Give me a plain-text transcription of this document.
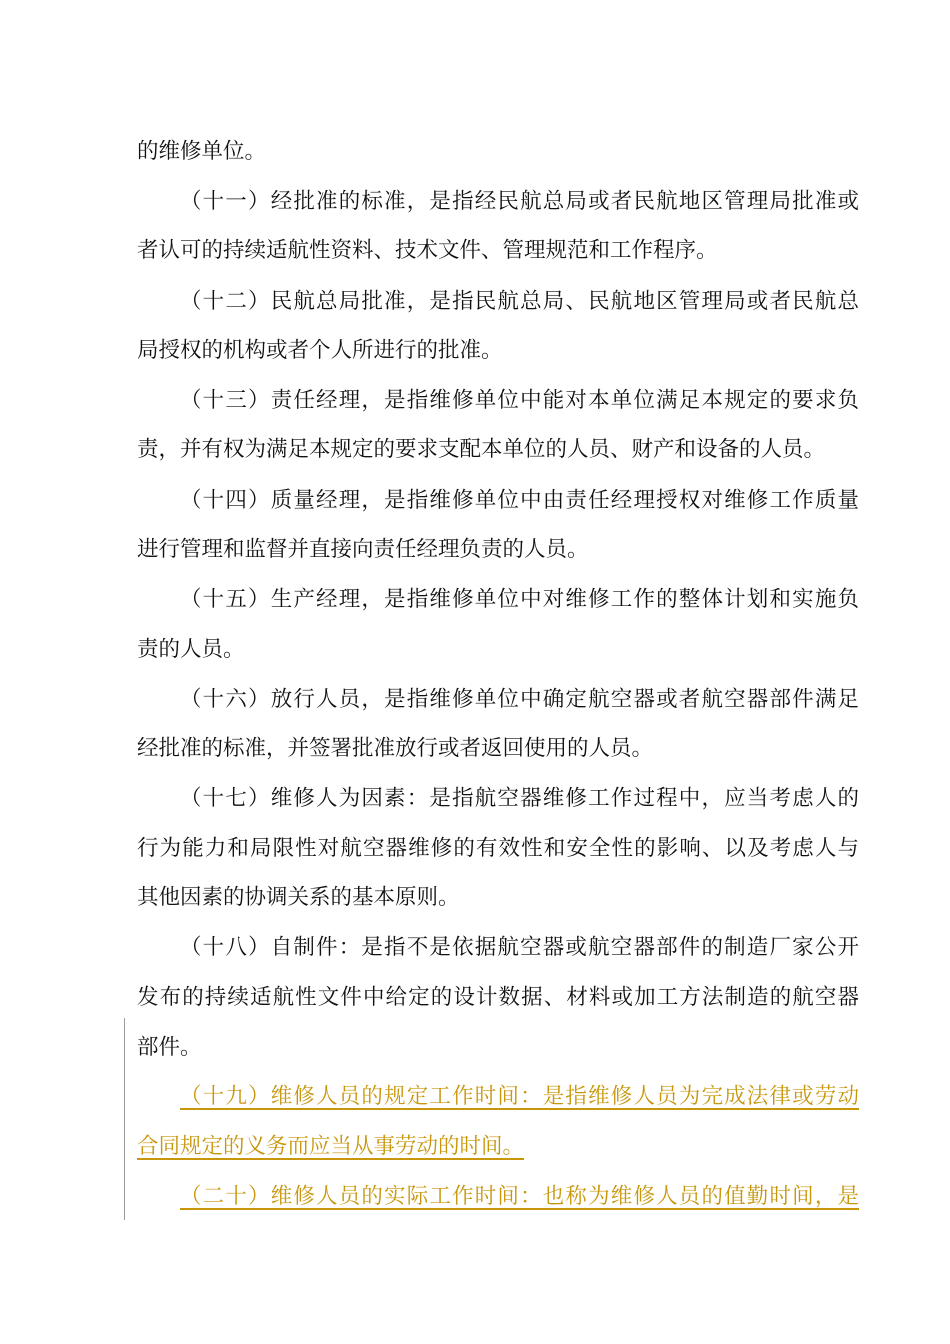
的维修单位。
（十一）经批准的标准，是指经民航总局或者民航地区管理局批准或
者认可的持续适航性资料、技术文件、管理规范和工作程序。
（十二）民航总局批准，是指民航总局、民航地区管理局或者民航总
局授权的机构或者个人所进行的批准。
（十三）责任经理，是指维修单位中能对本单位满足本规定的要求负
责，并有权为满足本规定的要求支配本单位的人员、财产和设备的人员。
（十四）质量经理，是指维修单位中由责任经理授权对维修工作质量
进行管理和监督并直接向责任经理负责的人员。
（十五）生产经理，是指维修单位中对维修工作的整体计划和实施负
责的人员。
（十六）放行人员，是指维修单位中确定航空器或者航空器部件满足
经批准的标准，并签署批准放行或者返回使用的人员。
（十七）维修人为因素：是指航空器维修工作过程中，应当考虑人的
行为能力和局限性对航空器维修的有效性和安全性的影响、以及考虑人与
其他因素的协调关系的基本原则。
（十八）自制件：是指不是依据航空器或航空器部件的制造厂家公开
发布的持续适航性文件中给定的设计数据、材料或加工方法制造的航空器
部件。
（十九）维修人员的规定工作时间：是指维修人员为完成法律或劳动
合同规定的义务而应当从事劳动的时间。
（二十）维修人员的实际工作时间：也称为维修人员的值勤时间，是
